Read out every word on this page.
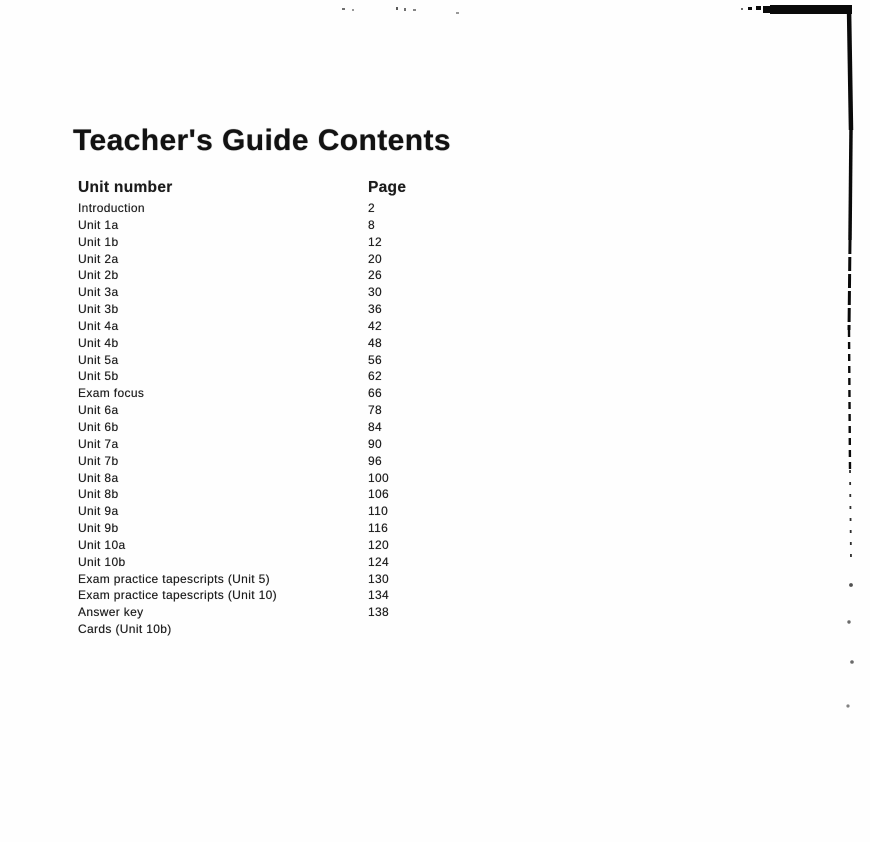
Teacher's Guide Contents
Unit number	Page
Introduction	2
Unit 1a	8
Unit 1b	12
Unit 2a	20
Unit 2b	26
Unit 3a	30
Unit 3b	36
Unit 4a	42
Unit 4b	48
Unit 5a	56
Unit 5b	62
Exam focus	66
Unit 6a	78
Unit 6b	84
Unit 7a	90
Unit 7b	96
Unit 8a	100
Unit 8b	106
Unit 9a	110
Unit 9b	116
Unit 10a	120
Unit 10b	124
Exam practice tapescripts (Unit 5)	130
Exam practice tapescripts (Unit 10)	134
Answer key	138
Cards (Unit 10b)
